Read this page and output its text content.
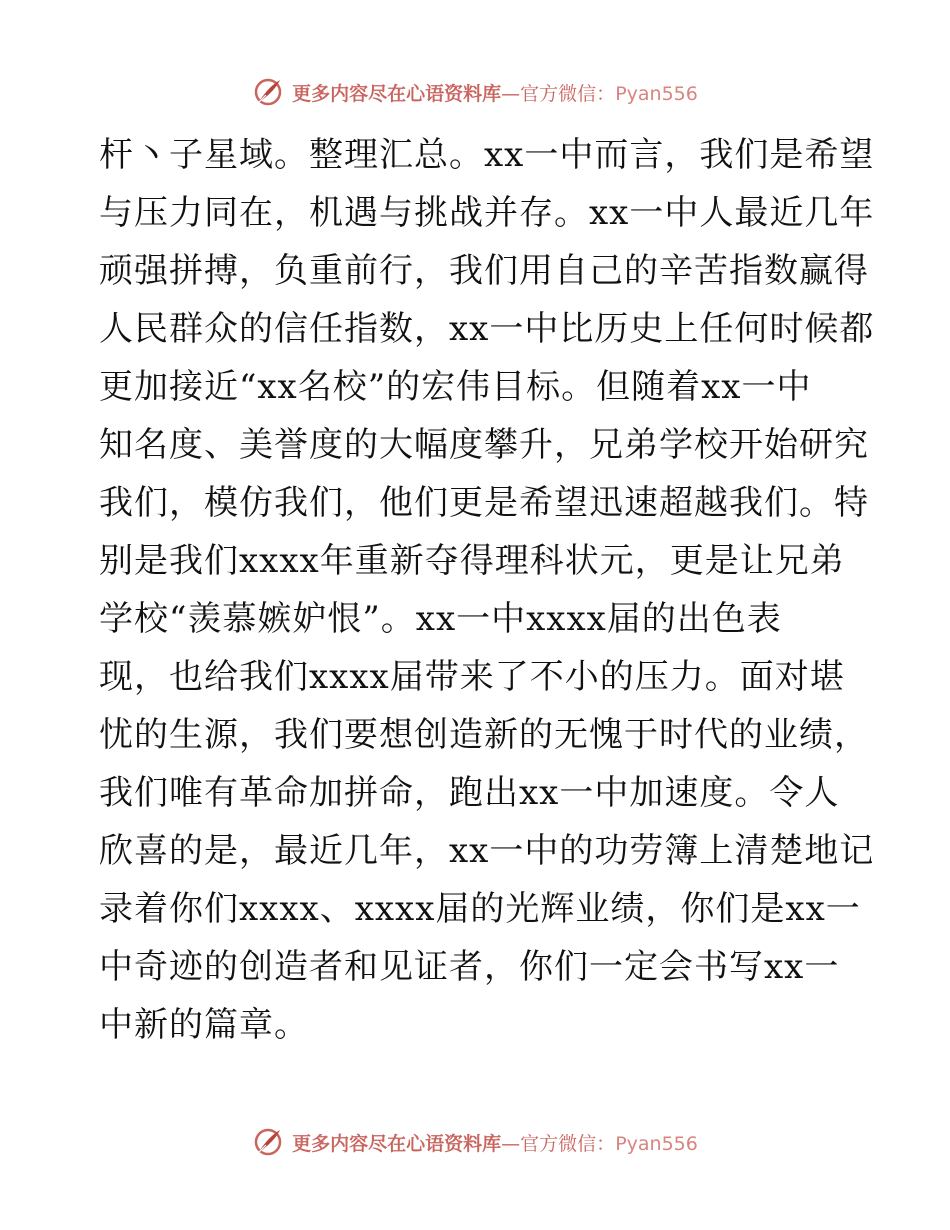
更多内容尽在心语资料库—官方微信：Pyan556
杆丶子星域。整理汇总。xx一中而言，我们是希望
与压力同在，机遇与挑战并存。xx一中人最近几年
顽强拼搏，负重前行，我们用自己的辛苦指数赢得
人民群众的信任指数，xx一中比历史上任何时候都
更加接近“xx名校”的宏伟目标。但随着xx一中
知名度、美誉度的大幅度攀升，兄弟学校开始研究
我们，模仿我们，他们更是希望迅速超越我们。特
别是我们xxxx年重新夺得理科状元，更是让兄弟
学校“羡慕嫉妒恨”。xx一中xxxx届的出色表
现，也给我们xxxx届带来了不小的压力。面对堪
忧的生源，我们要想创造新的无愧于时代的业绩，
我们唯有革命加拼命，跑出xx一中加速度。令人
欣喜的是，最近几年，xx一中的功劳簿上清楚地记
录着你们xxxx、xxxx届的光辉业绩，你们是xx一
中奇迹的创造者和见证者，你们一定会书写xx一
中新的篇章。
更多内容尽在心语资料库—官方微信：Pyan556
